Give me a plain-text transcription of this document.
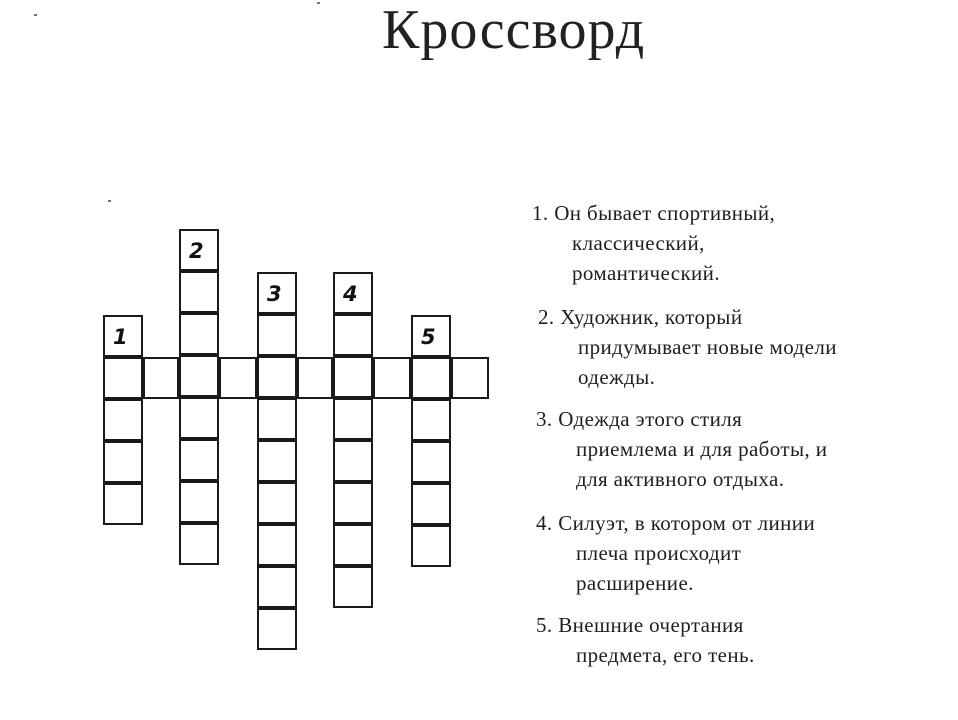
Кроссворд
1
2
3	4
5
1. Он бывает спортивный,
классический,
романтический.
2. Художник, который
придумывает новые модели
одежды.
3. Одежда этого стиля
приемлема и для работы, и
для активного отдыха.
4. Силуэт, в котором от линии
плеча происходит
расширение.
5. Внешние очертания
предмета, его тень.
